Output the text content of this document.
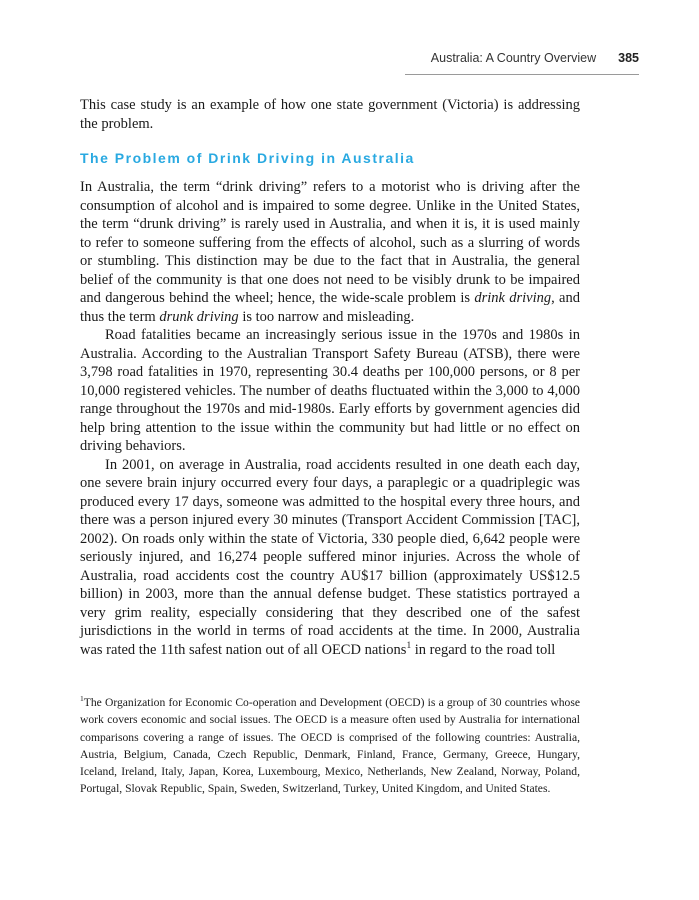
Australia: A Country Overview 385

This case study is an example of how one state government (Victoria) is addressing the problem.

The Problem of Drink Driving in Australia

In Australia, the term “drink driving” refers to a motorist who is driving after the consumption of alcohol and is impaired to some degree. Unlike in the United States, the term “drunk driving” is rarely used in Australia, and when it is, it is used mainly to refer to someone suffering from the effects of alcohol, such as a slurring of words or stumbling. This distinction may be due to the fact that in Australia, the general belief of the community is that one does not need to be visibly drunk to be impaired and dangerous behind the wheel; hence, the wide-scale problem is drink driving, and thus the term drunk driving is too narrow and misleading.

Road fatalities became an increasingly serious issue in the 1970s and 1980s in Australia. According to the Australian Transport Safety Bureau (ATSB), there were 3,798 road fatalities in 1970, representing 30.4 deaths per 100,000 persons, or 8 per 10,000 registered vehicles. The number of deaths fluctuated within the 3,000 to 4,000 range throughout the 1970s and mid-1980s. Early efforts by government agencies did help bring attention to the issue within the community but had little or no effect on driving behaviors.

In 2001, on average in Australia, road accidents resulted in one death each day, one severe brain injury occurred every four days, a paraplegic or a quadriplegic was produced every 17 days, someone was admitted to the hospital every three hours, and there was a person injured every 30 minutes (Transport Accident Commission [TAC], 2002). On roads only within the state of Victoria, 330 people died, 6,642 people were seriously injured, and 16,274 people suffered minor injuries. Across the whole of Australia, road accidents cost the country AU$17 billion (approximately US$12.5 billion) in 2003, more than the annual defense budget. These statistics portrayed a very grim reality, especially considering that they described one of the safest jurisdictions in the world in terms of road accidents at the time. In 2000, Australia was rated the 11th safest nation out of all OECD nations$^1$ in regard to the road toll

$^1$The Organization for Economic Co-operation and Development (OECD) is a group of 30 countries whose work covers economic and social issues. The OECD is a measure often used by Australia for international comparisons covering a range of issues. The OECD is comprised of the following countries: Australia, Austria, Belgium, Canada, Czech Republic, Denmark, Finland, France, Germany, Greece, Hungary, Iceland, Ireland, Italy, Japan, Korea, Luxembourg, Mexico, Netherlands, New Zealand, Norway, Poland, Portugal, Slovak Republic, Spain, Sweden, Switzerland, Turkey, United Kingdom, and United States.
